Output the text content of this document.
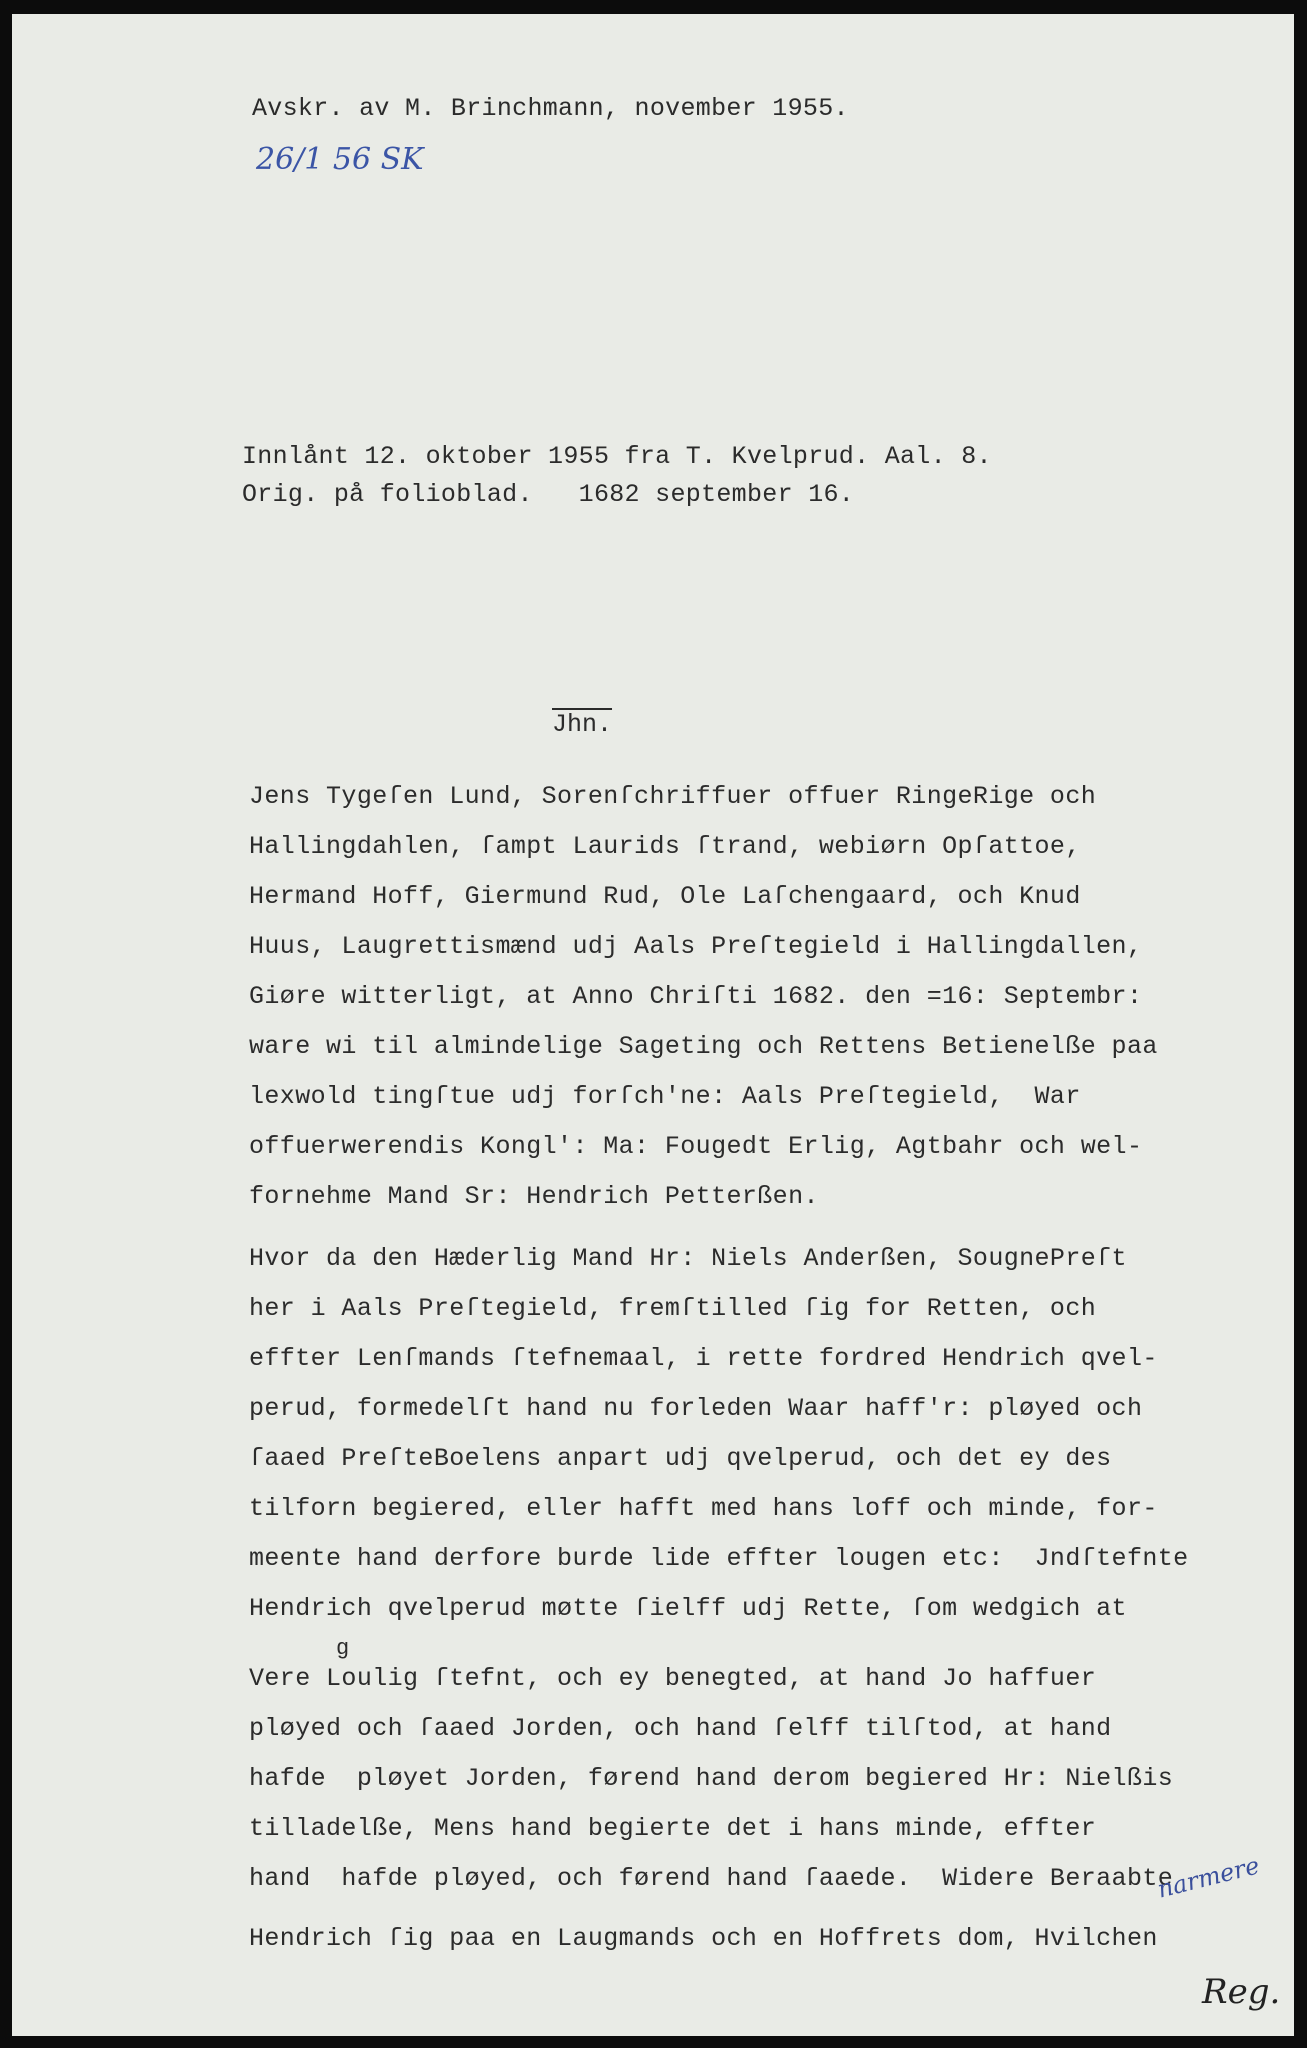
Avskr. av M. Brinchmann, november 1955.
26/1 56 SK
Innlånt 12. oktober 1955 fra T. Kvelprud. Aal. 8.
Orig. på folioblad.   1682 september 16.
Jhn.
Jens Tygeſen Lund, Sorenſchriffuer offuer RingeRige och
Hallingdahlen, ſampt Laurids ſtrand, webiørn Opſattoe,
Hermand Hoff, Giermund Rud, Ole Laſchengaard, och Knud
Huus, Laugrettismænd udj Aals Preſtegield i Hallingdallen,
Giøre witterligt, at Anno Chriſti 1682. den =16: Septembr:
ware wi til almindelige Sageting och Rettens Betienelße paa
lexwold tingſtue udj forſch'ne: Aals Preſtegield,  War
offuerwerendis Kongl': Ma: Fougedt Erlig, Agtbahr och wel-
fornehme Mand Sr: Hendrich Petterßen.
Hvor da den Hæderlig Mand Hr: Niels Anderßen, SougnePreſt
her i Aals Preſtegield, fremſtilled ſig for Retten, och
effter Lenſmands ſtefnemaal, i rette fordred Hendrich qvel-
perud, formedelſt hand nu forleden Waar haff'r: pløyed och
ſaaed PreſteBoelens anpart udj qvelperud, och det ey des
tilforn begiered, eller hafft med hans loff och minde, for-
meente hand derfore burde lide effter lougen etc:  Jndſtefnte
Hendrich qvelperud møtte ſielff udj Rette, ſom wedgich at
Vere Loulig ſtefnt, och ey benegted, at hand Jo haffuer
pløyed och ſaaed Jorden, och hand ſelff tilſtod, at hand
hafde  pløyet Jorden, førend hand derom begiered Hr: Nielßis
tilladelße, Mens hand begierte det i hans minde, effter
hand  hafde pløyed, och førend hand ſaaede.  Widere Beraabte
Hendrich ſig paa en Laugmands och en Hoffrets dom, Hvilchen
g
narmere
Reg.
